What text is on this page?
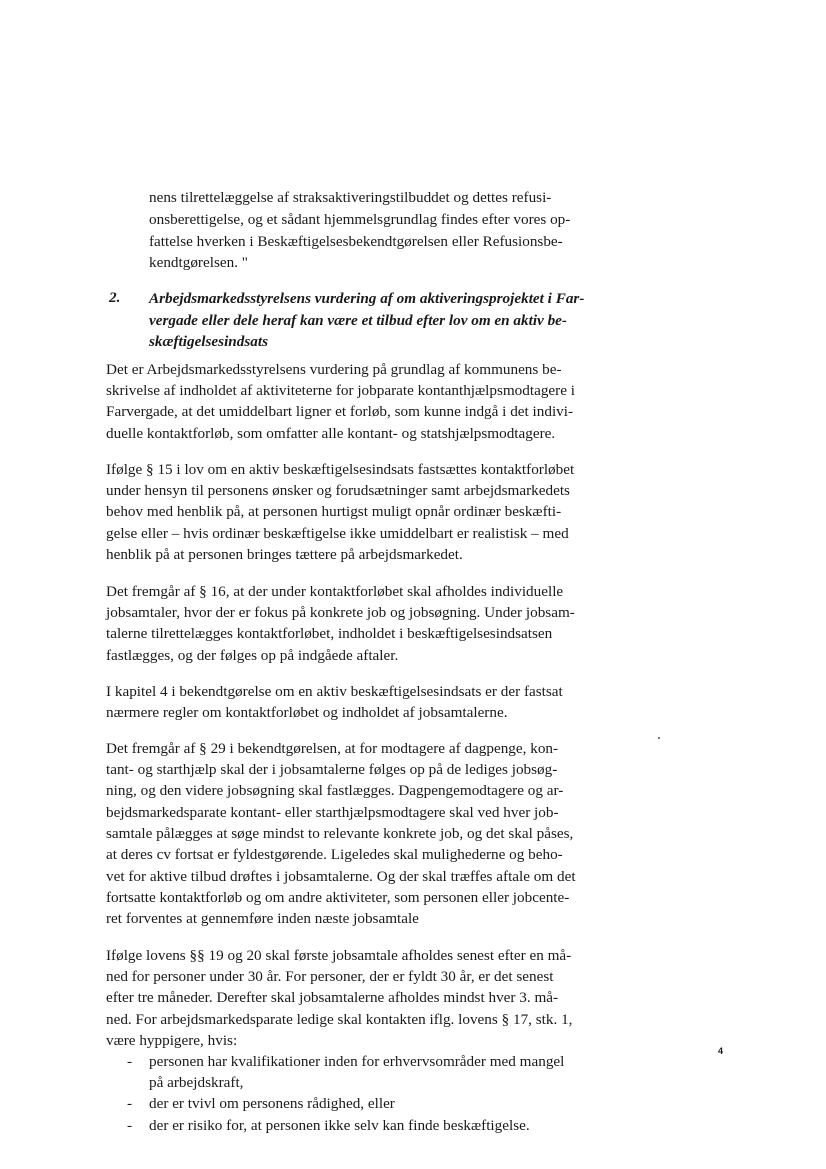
nens tilrettelæggelse af straksaktiveringstilbuddet og dettes refusi-
onsberettigelse, og et sådant hjemmelsgrundlag findes efter vores op-
fattelse hverken i Beskæftigelsesbekendtgørelsen eller Refusionsbe-
kendtgørelsen. "
2. Arbejdsmarkedsstyrelsens vurdering af om aktiveringsprojektet i Far-
vergade eller dele heraf kan være et tilbud efter lov om en aktiv be-
skæftigelsesindsats
Det er Arbejdsmarkedsstyrelsens vurdering på grundlag af kommunens be-
skrivelse af indholdet af aktiviteterne for jobparate kontanthjælpsmodtagere i
Farvergade, at det umiddelbart ligner et forløb, som kunne indgå i det indivi-
duelle kontaktforløb, som omfatter alle kontant- og statshjælpsmodtagere.
Ifølge § 15 i lov om en aktiv beskæftigelsesindsats fastsættes kontaktforløbet
under hensyn til personens ønsker og forudsætninger samt arbejdsmarkedets
behov med henblik på, at personen hurtigst muligt opnår ordinær beskæfti-
gelse eller – hvis ordinær beskæftigelse ikke umiddelbart er realistisk – med
henblik på at personen bringes tættere på arbejdsmarkedet.
Det fremgår af § 16, at der under kontaktforløbet skal afholdes individuelle
jobsamtaler, hvor der er fokus på konkrete job og jobsøgning. Under jobsam-
talerne tilrettelægges kontaktforløbet, indholdet i beskæftigelsesindsatsen
fastlægges, og der følges op på indgåede aftaler.
I kapitel 4 i bekendtgørelse om en aktiv beskæftigelsesindsats er der fastsat
nærmere regler om kontaktforløbet og indholdet af jobsamtalerne.
Det fremgår af § 29 i bekendtgørelsen, at for modtagere af dagpenge, kon-
tant- og starthjælp skal der i jobsamtalerne følges op på de lediges jobsøg-
ning, og den videre jobsøgning skal fastlægges. Dagpengemodtagere og ar-
bejdsmarkedsparate kontant- eller starthjælpsmodtagere skal ved hver job-
samtale pålægges at søge mindst to relevante konkrete job, og det skal påses,
at deres cv fortsat er fyldestgørende. Ligeledes skal mulighederne og beho-
vet for aktive tilbud drøftes i jobsamtalerne. Og der skal træffes aftale om det
fortsatte kontaktforløb og om andre aktiviteter, som personen eller jobcente-
ret forventes at gennemføre inden næste jobsamtale
Ifølge lovens §§ 19 og 20 skal første jobsamtale afholdes senest efter en må-
ned for personer under 30 år. For personer, der er fyldt 30 år, er det senest
efter tre måneder. Derefter skal jobsamtalerne afholdes mindst hver 3. må-
ned. For arbejdsmarkedsparate ledige skal kontakten iflg. lovens § 17, stk. 1,
være hyppigere, hvis:
- personen har kvalifikationer inden for erhvervsområder med mangel
på arbejdskraft,
- der er tvivl om personens rådighed, eller
- der er risiko for, at personen ikke selv kan finde beskæftigelse.
4
